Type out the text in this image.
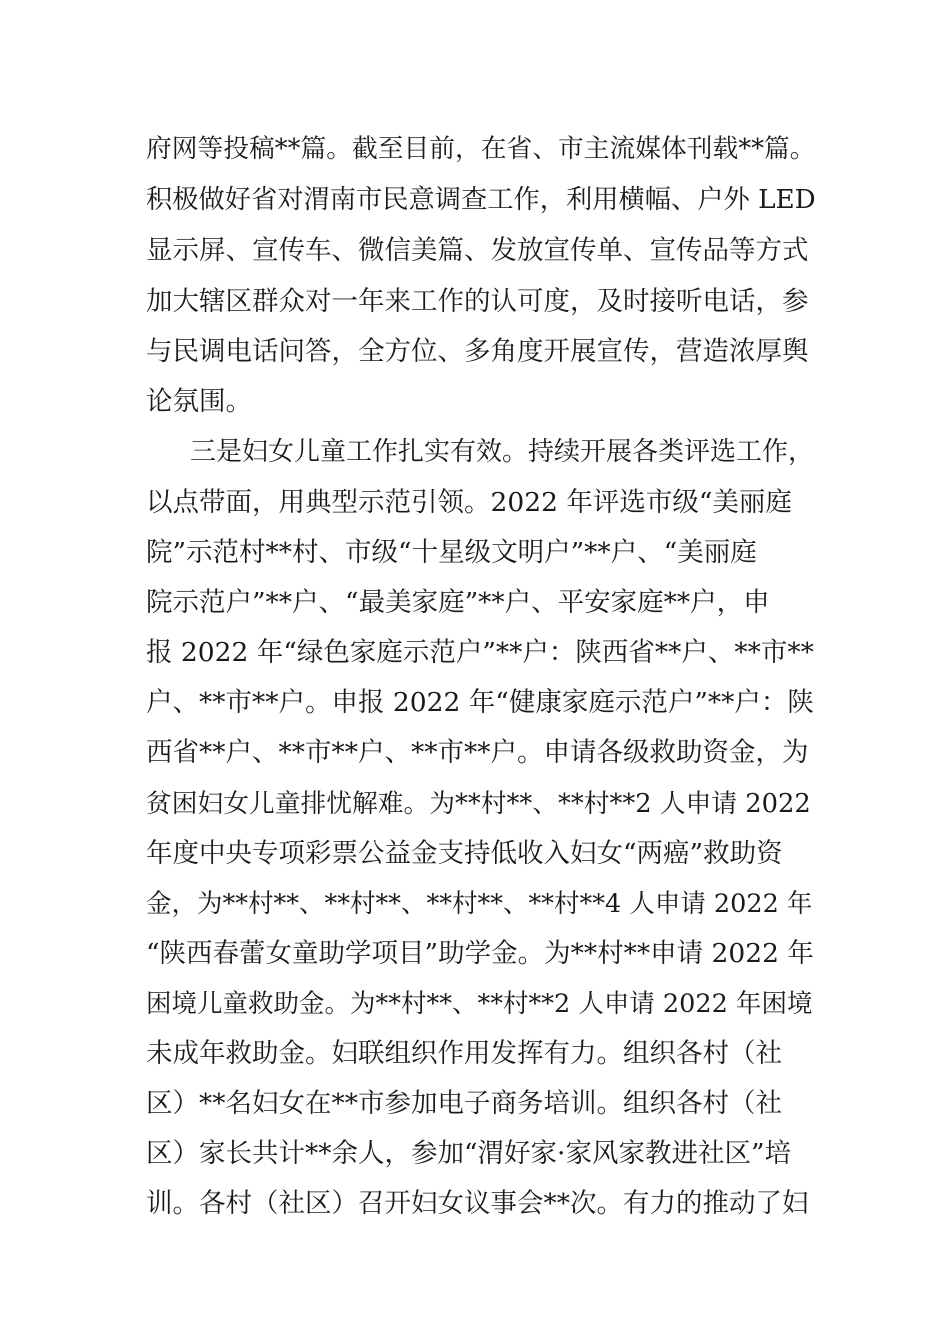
府网等投稿**篇。截至目前，在省、市主流媒体刊载**篇。
积极做好省对渭南市民意调查工作，利用横幅、户外 LED
显示屏、宣传车、微信美篇、发放宣传单、宣传品等方式
加大辖区群众对一年来工作的认可度，及时接听电话，参
与民调电话问答，全方位、多角度开展宣传，营造浓厚舆
论氛围。
三是妇女儿童工作扎实有效。持续开展各类评选工作，
以点带面，用典型示范引领。2022 年评选市级“美丽庭
院”示范村**村、市级“十星级文明户”**户、“美丽庭
院示范户”**户、“最美家庭”**户、平安家庭**户，申
报 2022 年“绿色家庭示范户”**户：陕西省**户、**市**
户、**市**户。申报 2022 年“健康家庭示范户”**户：陕
西省**户、**市**户、**市**户。申请各级救助资金，为
贫困妇女儿童排忧解难。为**村**、**村**2 人申请 2022
年度中央专项彩票公益金支持低收入妇女“两癌”救助资
金，为**村**、**村**、**村**、**村**4 人申请 2022 年
“陕西春蕾女童助学项目”助学金。为**村**申请 2022 年
困境儿童救助金。为**村**、**村**2 人申请 2022 年困境
未成年救助金。妇联组织作用发挥有力。组织各村（社
区）**名妇女在**市参加电子商务培训。组织各村（社
区）家长共计**余人，参加“渭好家·家风家教进社区”培
训。各村（社区）召开妇女议事会**次。有力的推动了妇
